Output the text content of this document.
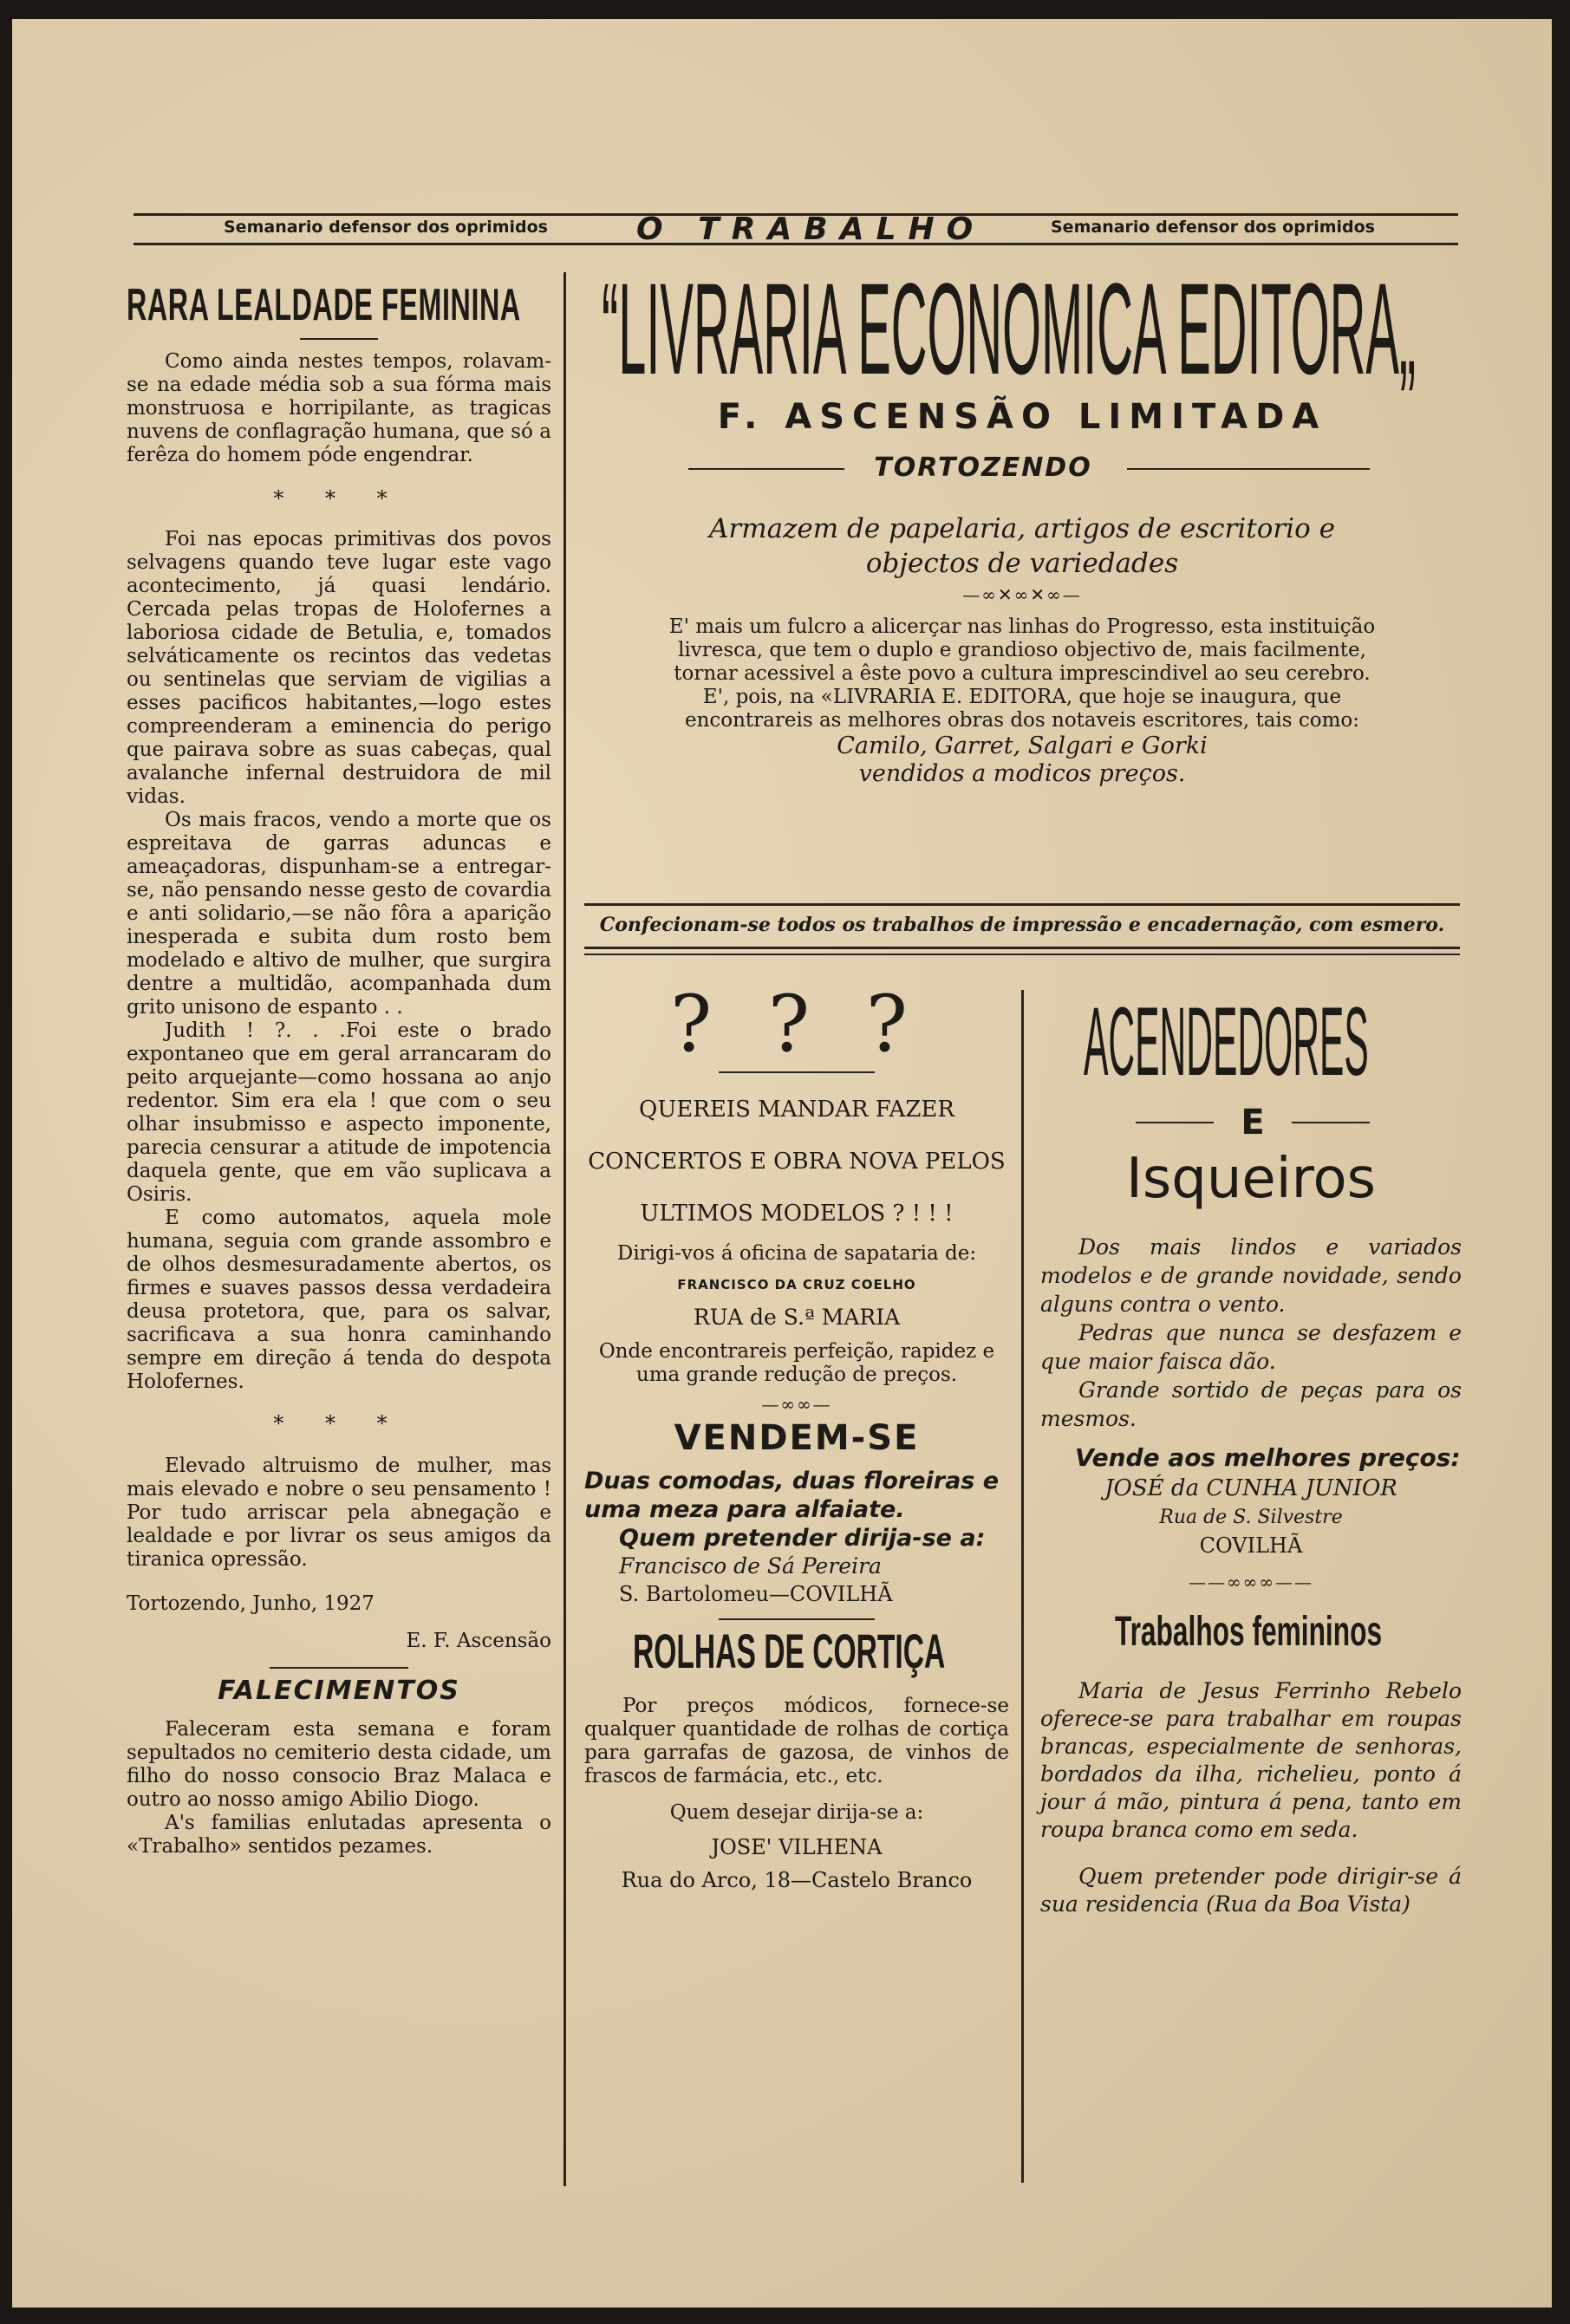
Semanario defensor dos oprimidos	O TRABALHO	Semanario defensor dos oprimidos
RARA LEALDADE FEMININA

Como ainda nestes tempos, rolavam-se na edade média sob a sua fórma mais monstruosa e horripilante, as tragicas nuvens de conflagração humana, que só a ferêza do homem póde engendrar.

* * *

Foi nas epocas primitivas dos povos selvagens quando teve lugar este vago acontecimento, já quasi lendário. Cercada pelas tropas de Holofernes a laboriosa cidade de Betulia, e, tomados selváticamente os recintos das vedetas ou sentinelas que serviam de vigilias a esses pacificos habitantes,—logo estes compreenderam a eminencia do perigo que pairava sobre as suas cabeças, qual avalanche infernal destruidora de mil vidas.

Os mais fracos, vendo a morte que os espreitava de garras aduncas e ameaçadoras, dispunham-se a entregar-se, não pensando nesse gesto de covardia e anti solidario,—se não fôra a aparição inesperada e subita dum rosto bem modelado e altivo de mulher, que surgira dentre a multidão, acompanhada dum grito unisono de espanto . .

Judith ! ?. . .Foi este o brado expontaneo que em geral arrancaram do peito arquejante—como hossana ao anjo redentor. Sim era ela ! que com o seu olhar insubmisso e aspecto imponente, parecia censurar a atitude de impotencia daquela gente, que em vão suplicava a Osiris.

E como automatos, aquela mole humana, seguia com grande assombro e de olhos desmesuradamente abertos, os firmes e suaves passos dessa verdadeira deusa protetora, que, para os salvar, sacrificava a sua honra caminhando sempre em direção á tenda do despota Holofernes.

* * *

Elevado altruismo de mulher, mas mais elevado e nobre o seu pensamento ! Por tudo arriscar pela abnegação e lealdade e por livrar os seus amigos da tiranica opressão.

Tortozendo, Junho, 1927

E. F. Ascensão

FALECIMENTOS

Faleceram esta semana e foram sepultados no cemiterio desta cidade, um filho do nosso consocio Braz Malaca e outro ao nosso amigo Abilio Diogo.

A's familias enlutadas apresenta o «Trabalho» sentidos pezames.

“LIVRARIA ECONOMICA EDITORA„
F. ASCENSÃO LIMITADA
TORTOZENDO
Armazem de papelaria, artigos de escritorio e objectos de variedades
—∞✕∞✕∞—

E' mais um fulcro a alicerçar nas linhas do Progresso, esta instituição livresca, que tem o duplo e grandioso objectivo de, mais facilmente, tornar acessivel a êste povo a cultura imprescindivel ao seu cerebro.

E', pois, na «LIVRARIA E. EDITORA, que hoje se inaugura, que encontrareis as melhores obras dos notaveis escritores, tais como:

Camilo, Garret, Salgari e Gorki
vendidos a modicos preços.
Confecionam-se todos os trabalhos de impressão e encadernação, com esmero.
? ? ?
QUEREIS MANDAR FAZER CONCERTOS E OBRA NOVA PELOS ULTIMOS MODELOS ? ! ! !
Dirigi-vos á oficina de sapataria de:
FRANCISCO DA CRUZ COELHO
RUA de S.ª MARIA

Onde encontrareis perfeição, rapidez e uma grande redução de preços.

—∞∞—
VENDEM-SE
Duas comodas, duas floreiras e uma meza para alfaiate.
Quem pretender dirija-se a:
Francisco de Sá Pereira
S. Bartolomeu—COVILHÃ
ROLHAS DE CORTIÇA

Por preços módicos, fornece-se qualquer quantidade de rolhas de cortiça para garrafas de gazosa, de vinhos de frascos de farmácia, etc., etc.

Quem desejar dirija-se a:
JOSE' VILHENA
Rua do Arco, 18—Castelo Branco
ACENDEDORES
E
Isqueiros

Dos mais lindos e variados modelos e de grande novidade, sendo alguns contra o vento.

Pedras que nunca se desfazem e que maior faisca dão.

Grande sortido de peças para os mesmos.

Vende aos melhores preços:
JOSÉ da CUNHA JUNIOR
Rua de S. Silvestre
COVILHÃ
——∞∞∞——
Trabalhos femininos

Maria de Jesus Ferrinho Rebelo oferece-se para trabalhar em roupas brancas, especialmente de senhoras, bordados da ilha, richelieu, ponto á jour á mão, pintura á pena, tanto em roupa branca como em seda.

Quem pretender pode dirigir-se á sua residencia (Rua da Boa Vista)
